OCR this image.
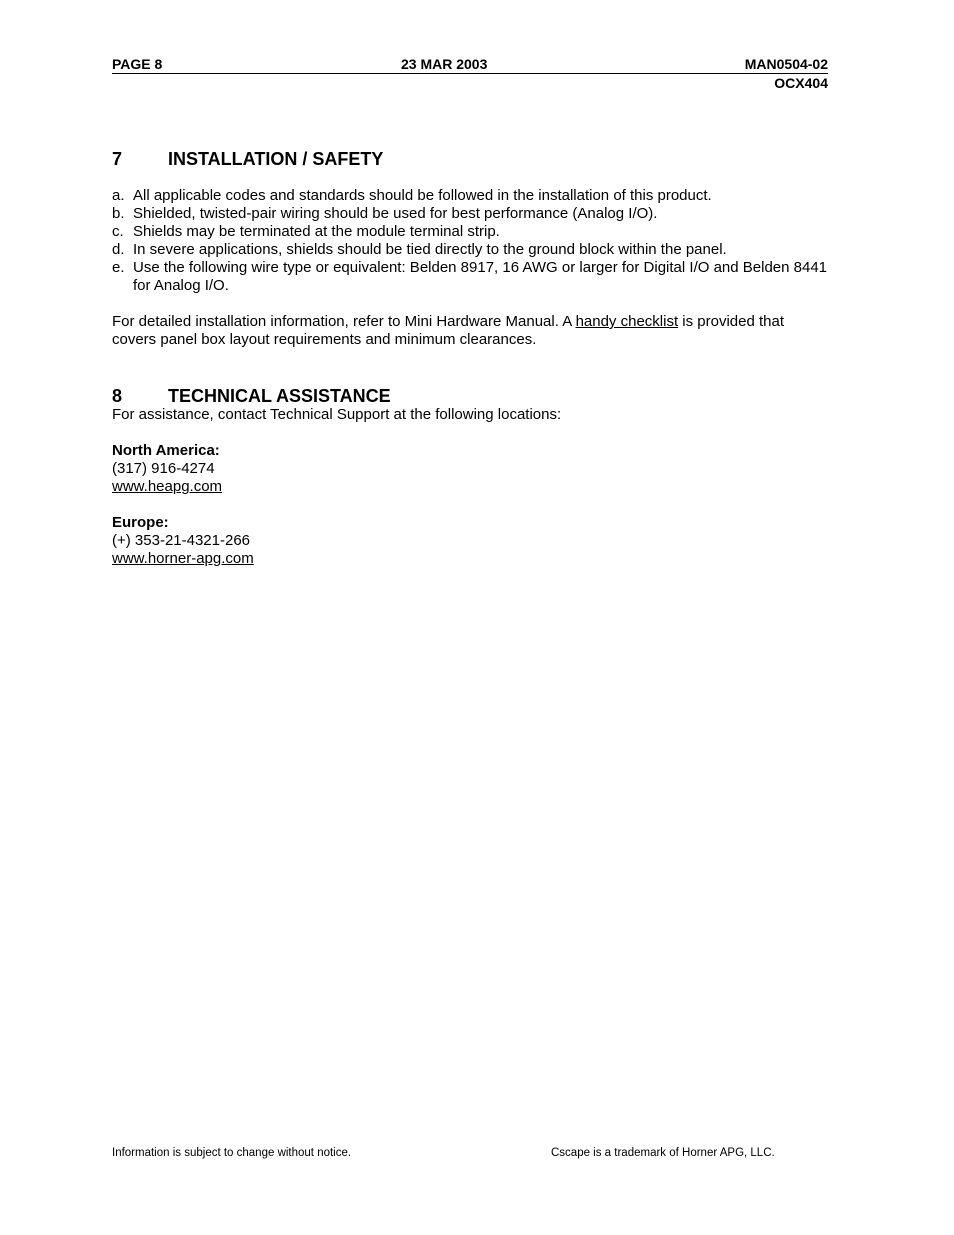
PAGE 8	23 MAR 2003	MAN0504-02
OCX404
7	INSTALLATION / SAFETY
a. All applicable codes and standards should be followed in the installation of this product.
b. Shielded, twisted-pair wiring should be used for best performance (Analog I/O).
c. Shields may be terminated at the module terminal strip.
d. In severe applications, shields should be tied directly to the ground block within the panel.
e. Use the following wire type or equivalent: Belden 8917, 16 AWG or larger for Digital I/O and Belden 8441 for Analog I/O.
For detailed installation information, refer to Mini Hardware Manual. A handy checklist is provided that covers panel box layout requirements and minimum clearances.
8	TECHNICAL ASSISTANCE
For assistance, contact Technical Support at the following locations:
North America:
(317) 916-4274
www.heapg.com
Europe:
(+) 353-21-4321-266
www.horner-apg.com
Information is subject to change without notice.	Cscape is a trademark of Horner APG, LLC.
